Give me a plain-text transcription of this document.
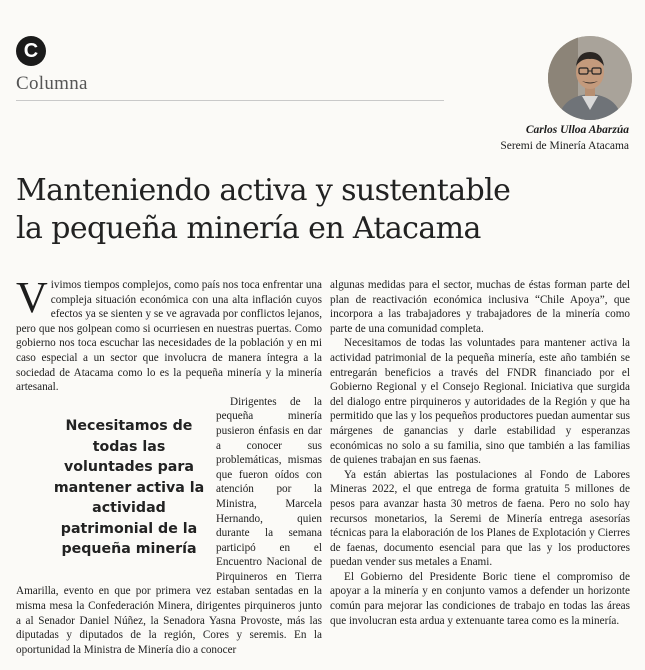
C
Columna
Carlos Ulloa Abarzúa
Seremi de Minería Atacama
Manteniendo activa y sustentable la pequeña minería en Atacama

Vivimos tiempos complejos, como país nos toca enfrentar una compleja situación económica con una alta inflación cuyos efectos ya se sienten y se ve agravada por conflictos lejanos, pero que nos golpean como si ocurriesen en nuestras puertas. Como gobierno nos toca escuchar las necesidades de la población y en mi caso especial a un sector que involucra de manera íntegra a la sociedad de Atacama como lo es la pequeña minería y la minería artesanal.

Dirigentes de la pequeña minería pusieron énfasis en dar a conocer sus problemáticas, mismas que fueron oídos con atención por la Ministra, Marcela Hernando, quien durante la semana participó en el Encuentro Nacional de Pirquineros en Tierra Amarilla, evento en que por primera vez estaban sentadas en la misma mesa la Confederación Minera, dirigentes pirquineros junto a al Senador Daniel Núñez, la Senadora Yasna Provoste, más las diputadas y diputados de la región, Cores y seremis. En la oportunidad la Ministra de Minería dio a conocer

Necesitamos de todas las voluntades para mantener activa la actividad patrimonial de la pequeña minería

algunas medidas para el sector, muchas de éstas forman parte del plan de reactivación económica inclusiva “Chile Apoya”, que incorpora a las trabajadores y trabajadores de la minería como parte de una comunidad completa.

Necesitamos de todas las voluntades para mantener activa la actividad patrimonial de la pequeña minería, este año también se entregarán beneficios a través del FNDR financiado por el Gobierno Regional y el Consejo Regional. Iniciativa que surgida del dialogo entre pirquineros y autoridades de la Región y que ha permitido que las y los pequeños productores puedan aumentar sus márgenes de ganancias y darle estabilidad y esperanzas económicas no solo a su familia, sino que también a las familias de quienes trabajan en sus faenas.

Ya están abiertas las postulaciones al Fondo de Labores Mineras 2022, el que entrega de forma gratuita 5 millones de pesos para avanzar hasta 30 metros de faena. Pero no solo hay recursos monetarios, la Seremi de Minería entrega asesorías técnicas para la elaboración de los Planes de Explotación y Cierres de faenas, documento esencial para que las y los productores puedan vender sus metales a Enami.

El Gobierno del Presidente Boric tiene el compromiso de apoyar a la minería y en conjunto vamos a defender un horizonte común para mejorar las condiciones de trabajo en todas las áreas que involucran esta ardua y extenuante tarea como es la minería.
